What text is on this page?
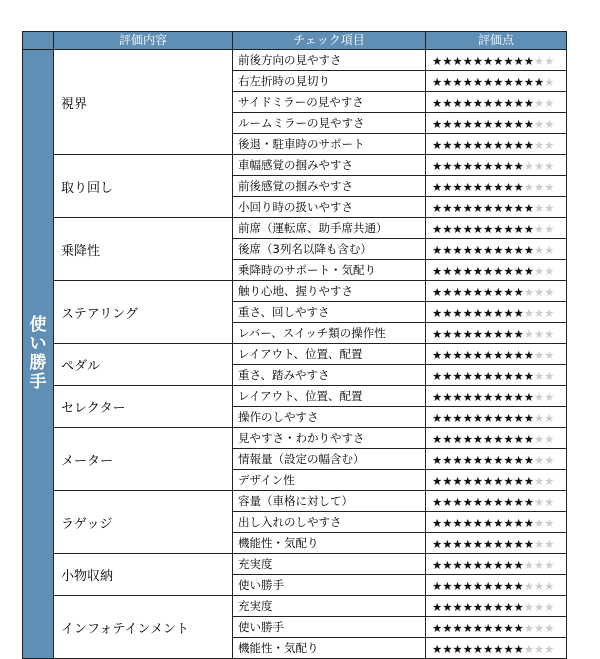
	評価内容	チェック項目	評価点
使い勝手	視界	前後方向の見やすさ	★★★★★★★★★★★★
		右左折時の見切り	★★★★★★★★★★★★
		サイドミラーの見やすさ	★★★★★★★★★★★★
		ルームミラーの見やすさ	★★★★★★★★★★★★
		後退・駐車時のサポート	★★★★★★★★★★★★
	取り回し	車幅感覚の掴みやすさ	★★★★★★★★★★★★
		前後感覚の掴みやすさ	★★★★★★★★★★★★
		小回り時の扱いやすさ	★★★★★★★★★★★★
	乗降性	前席（運転席、助手席共通）	★★★★★★★★★★★★
		後席（3列名以降も含む）	★★★★★★★★★★★★
		乗降時のサポート・気配り	★★★★★★★★★★★★
	ステアリング	触り心地、握りやすさ	★★★★★★★★★★★★
		重さ、回しやすさ	★★★★★★★★★★★★
		レバー、スイッチ類の操作性	★★★★★★★★★★★★
	ペダル	レイアウト、位置、配置	★★★★★★★★★★★★
		重さ、踏みやすさ	★★★★★★★★★★★★
	セレクター	レイアウト、位置、配置	★★★★★★★★★★★★
		操作のしやすさ	★★★★★★★★★★★★
	メーター	見やすさ・わかりやすさ	★★★★★★★★★★★★
		情報量（設定の幅含む）	★★★★★★★★★★★★
		デザイン性	★★★★★★★★★★★★
	ラゲッジ	容量（車格に対して）	★★★★★★★★★★★★
		出し入れのしやすさ	★★★★★★★★★★★★
		機能性・気配り	★★★★★★★★★★★★
	小物収納	充実度	★★★★★★★★★★★★
		使い勝手	★★★★★★★★★★★★
	インフォテインメント	充実度	★★★★★★★★★★★★
		使い勝手	★★★★★★★★★★★★
		機能性・気配り	★★★★★★★★★★★★
